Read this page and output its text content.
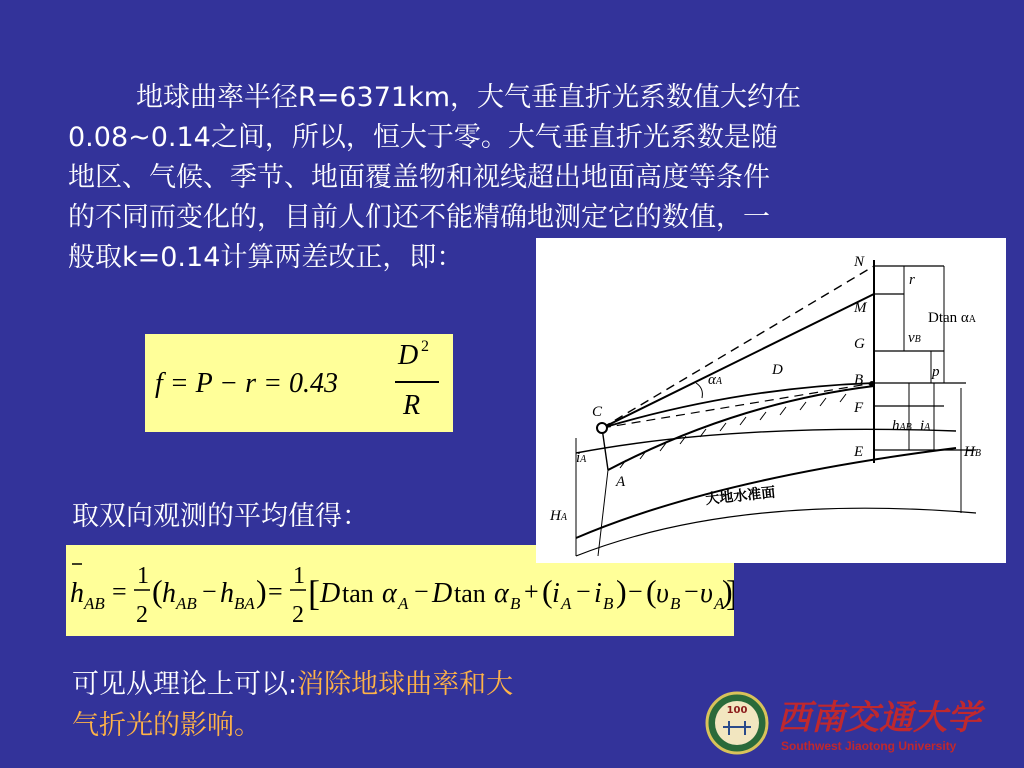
地球曲率半径R=6371km，大气垂直折光系数值大约在
0.08~0.14之间，所以，恒大于零。大气垂直折光系数是随
地区、气候、季节、地面覆盖物和视线超出地面高度等条件
的不同而变化的，目前人们还不能精确地测定它的数值，一
般取k=0.14计算两差改正，即：
f = P − r = 0.43
D 2
R
取双向观测的平均值得：
h AB =
1
2
( h AB − h BA ) =
1
2
[ D tan α A − D tan α B + ( i A − i B ) − ( υ B − υ A
)
可见从理论上可以:消除地球曲率和大
气折光的影响。
N
M
G
B
F
E
C
A
r
vB
p
hAB iA
HB
HA
iA
D
αA
Dtan αA
大地水准面
100 西南交通大学
Southwest Jiaotong University
